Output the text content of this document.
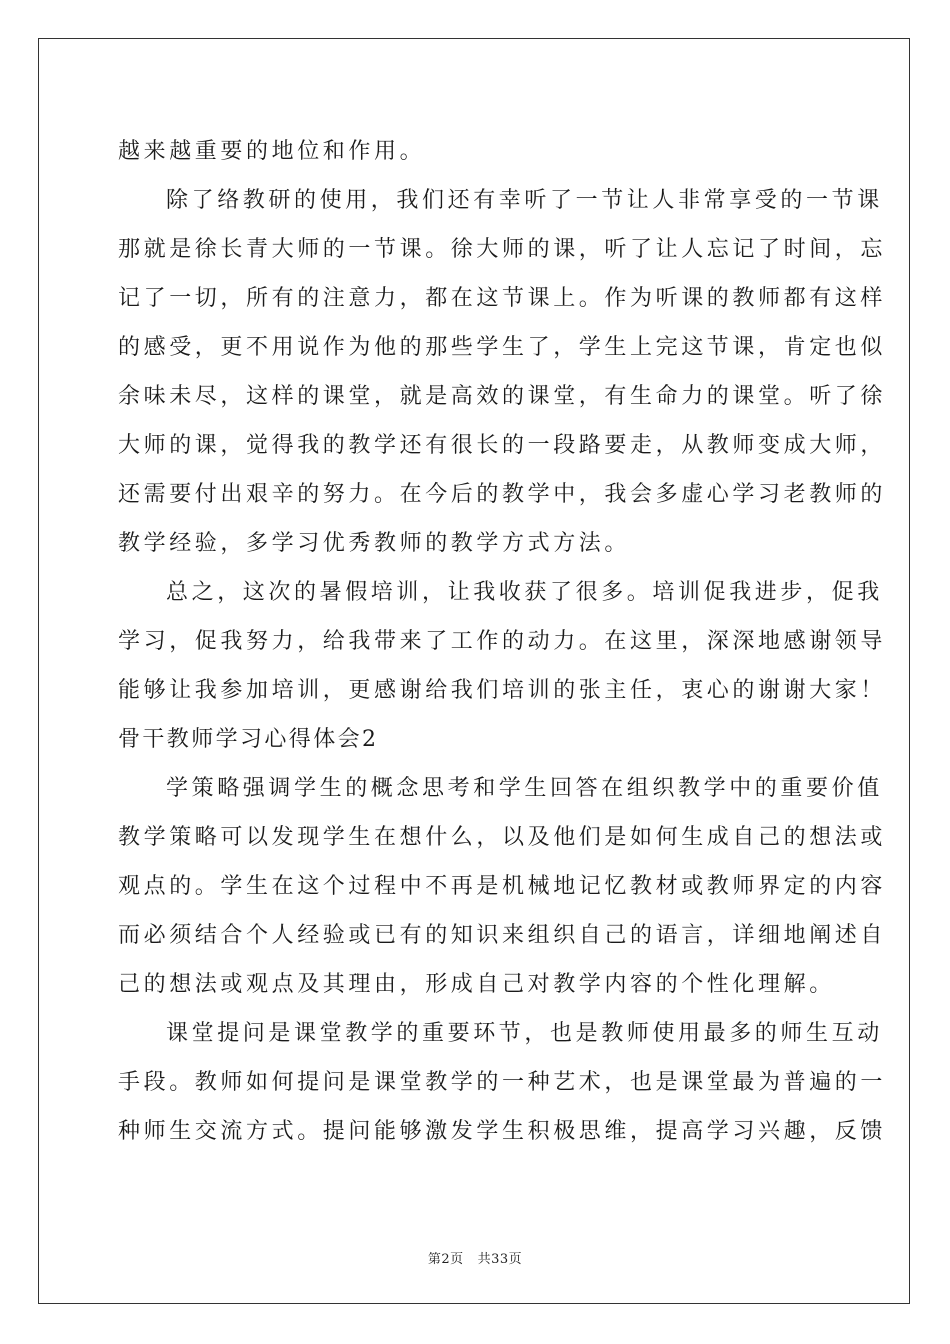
越来越重要的地位和作用。
除了络教研的使用，我们还有幸听了一节让人非常享受的一节课
那就是徐长青大师的一节课。徐大师的课，听了让人忘记了时间，忘
记了一切，所有的注意力，都在这节课上。作为听课的教师都有这样
的感受，更不用说作为他的那些学生了，学生上完这节课，肯定也似
余味未尽，这样的课堂，就是高效的课堂，有生命力的课堂。听了徐
大师的课，觉得我的教学还有很长的一段路要走，从教师变成大师，
还需要付出艰辛的努力。在今后的教学中，我会多虚心学习老教师的
教学经验，多学习优秀教师的教学方式方法。
总之，这次的暑假培训，让我收获了很多。培训促我进步，促我
学习，促我努力，给我带来了工作的动力。在这里，深深地感谢领导
能够让我参加培训，更感谢给我们培训的张主任，衷心的谢谢大家！
骨干教师学习心得体会2
学策略强调学生的概念思考和学生回答在组织教学中的重要价值
教学策略可以发现学生在想什么，以及他们是如何生成自己的想法或
观点的。学生在这个过程中不再是机械地记忆教材或教师界定的内容
而必须结合个人经验或已有的知识来组织自己的语言，详细地阐述自
己的想法或观点及其理由，形成自己对教学内容的个性化理解。
课堂提问是课堂教学的重要环节，也是教师使用最多的师生互动
手段。教师如何提问是课堂教学的一种艺术，也是课堂最为普遍的一
种师生交流方式。提问能够激发学生积极思维，提高学习兴趣，反馈
第2页 共33页
